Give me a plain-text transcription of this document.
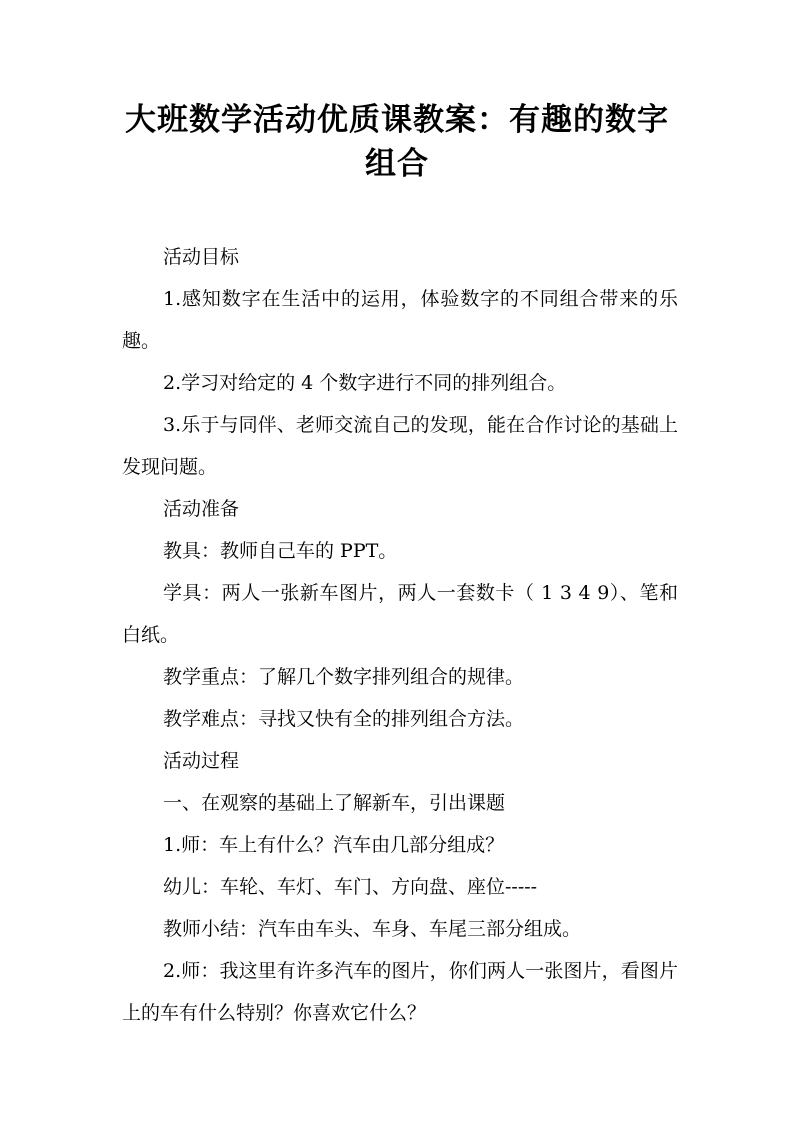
大班数学活动优质课教案：有趣的数字
组合

活动目标

1.感知数字在生活中的运用，体验数字的不同组合带来的乐趣。

2.学习对给定的 4 个数字进行不同的排列组合。

3.乐于与同伴、老师交流自己的发现，能在合作讨论的基础上发现问题。

活动准备

教具：教师自己车的 PPT。

学具：两人一张新车图片，两人一套数卡（ 1 3 4 9）、笔和白纸。

教学重点：了解几个数字排列组合的规律。

教学难点：寻找又快有全的排列组合方法。

活动过程

一、在观察的基础上了解新车，引出课题

1.师：车上有什么？汽车由几部分组成？

幼儿：车轮、车灯、车门、方向盘、座位-----

教师小结：汽车由车头、车身、车尾三部分组成。

2.师：我这里有许多汽车的图片，你们两人一张图片，看图片上的车有什么特别？你喜欢它什么？
